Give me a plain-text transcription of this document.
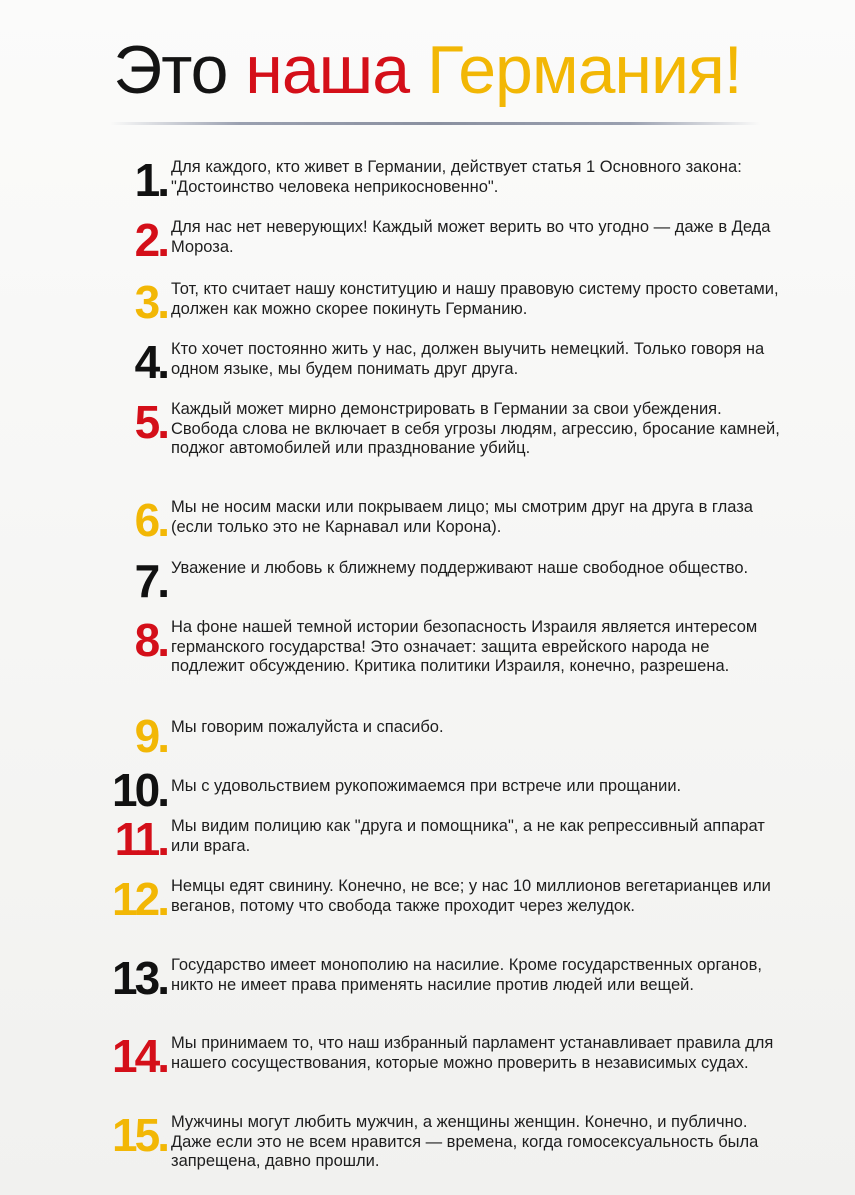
Это наша Германия!
1. Для каждого, кто живет в Германии, действует статья 1 Основного закона: "Достоинство человека неприкосновенно".
2. Для нас нет неверующих! Каждый может верить во что угодно — даже в Деда Мороза.
3. Тот, кто считает нашу конституцию и нашу правовую систему просто советами, должен как можно скорее покинуть Германию.
4. Кто хочет постоянно жить у нас, должен выучить немецкий. Только говоря на одном языке, мы будем понимать друг друга.
5. Каждый может мирно демонстрировать в Германии за свои убеждения. Свобода слова не включает в себя угрозы людям, агрессию, бросание камней, поджог автомобилей или празднование убийц.
6. Мы не носим маски или покрываем лицо; мы смотрим друг на друга в глаза (если только это не Карнавал или Корона).
7. Уважение и любовь к ближнему поддерживают наше свободное общество.
8. На фоне нашей темной истории безопасность Израиля является интересом германского государства! Это означает: защита еврейского народа не подлежит обсуждению. Критика политики Израиля, конечно, разрешена.
9. Мы говорим пожалуйста и спасибо.
10. Мы с удовольствием рукопожимаемся при встрече или прощании.
11. Мы видим полицию как "друга и помощника", а не как репрессивный аппарат или врага.
12. Немцы едят свинину. Конечно, не все; у нас 10 миллионов вегетарианцев или веганов, потому что свобода также проходит через желудок.
13. Государство имеет монополию на насилие. Кроме государственных органов, никто не имеет права применять насилие против людей или вещей.
14. Мы принимаем то, что наш избранный парламент устанавливает правила для нашего сосуществования, которые можно проверить в независимых судах.
15. Мужчины могут любить мужчин, а женщины женщин. Конечно, и публично. Даже если это не всем нравится — времена, когда гомосексуальность была запрещена, давно прошли.
